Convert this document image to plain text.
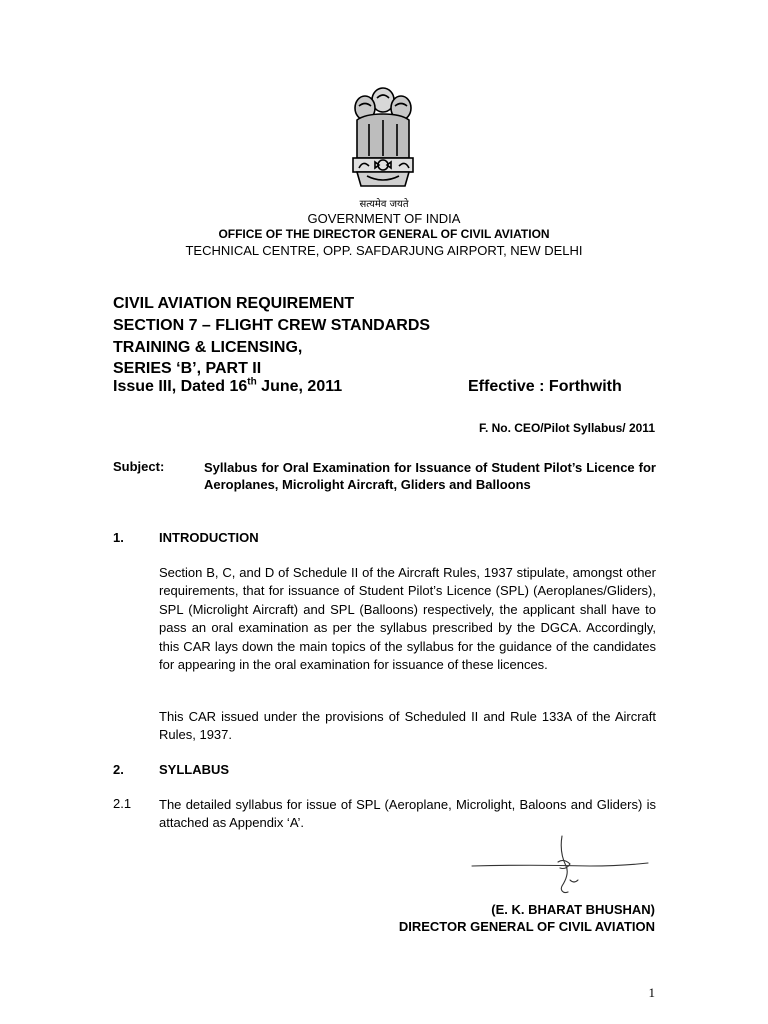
सत्यमेव जयते
GOVERNMENT OF INDIA
OFFICE OF THE DIRECTOR GENERAL OF CIVIL AVIATION
TECHNICAL CENTRE, OPP. SAFDARJUNG AIRPORT, NEW DELHI
CIVIL AVIATION REQUIREMENT
SECTION 7 – FLIGHT CREW STANDARDS
TRAINING & LICENSING,
SERIES ‘B’, PART II
Issue III, Dated 16th June, 2011	Effective : Forthwith
F. No. CEO/Pilot Syllabus/ 2011
Subject:	Syllabus for Oral Examination for Issuance of Student Pilot’s Licence for Aeroplanes, Microlight Aircraft, Gliders and Balloons
1.	INTRODUCTION
Section B, C, and D of Schedule II of the Aircraft Rules, 1937 stipulate, amongst other requirements, that for issuance of Student Pilot’s Licence (SPL) (Aeroplanes/Gliders), SPL (Microlight Aircraft) and SPL (Balloons) respectively, the applicant shall have to pass an oral examination as per the syllabus prescribed by the DGCA. Accordingly, this CAR lays down the main topics of the syllabus for the guidance of the candidates for appearing in the oral examination for issuance of these licences.
This CAR issued under the provisions of Scheduled II and Rule 133A of the Aircraft Rules, 1937.
2.	SYLLABUS
2.1 The detailed syllabus for issue of SPL (Aeroplane, Microlight, Baloons and Gliders) is attached as Appendix ‘A’.
(E. K. BHARAT BHUSHAN)
DIRECTOR GENERAL OF CIVIL AVIATION
1
